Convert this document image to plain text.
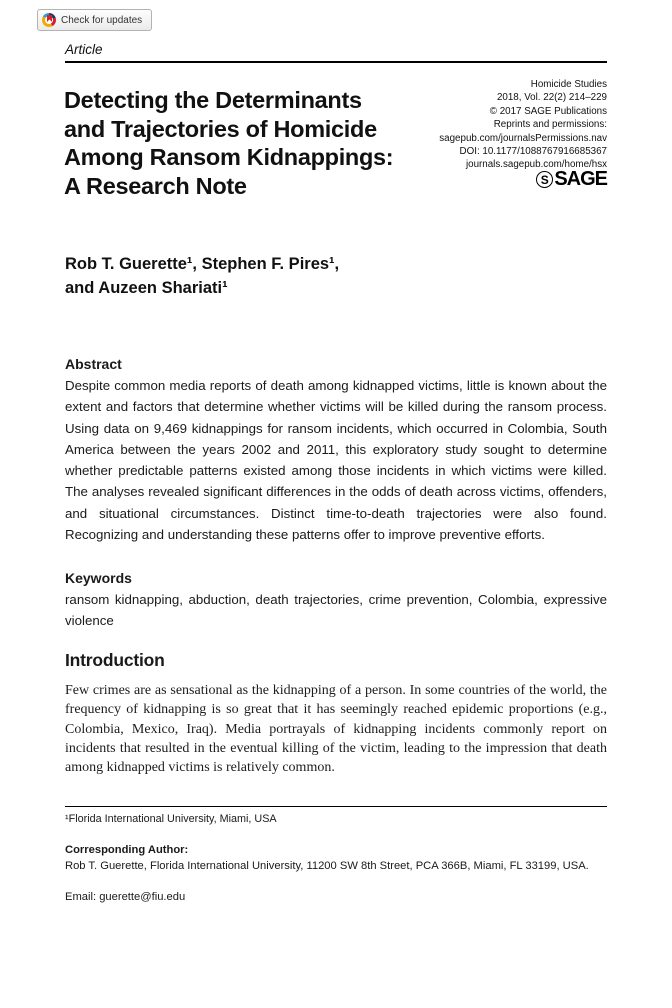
Check for updates
Article
Detecting the Determinants
and Trajectories of Homicide
Among Ransom Kidnappings:
A Research Note
Homicide Studies
2018, Vol. 22(2) 214–229
© 2017 SAGE Publications
Reprints and permissions:
sagepub.com/journalsPermissions.nav
DOI: 10.1177/1088767916685367
journals.sagepub.com/home/hsx
S SAGE
Rob T. Guerette¹, Stephen F. Pires¹,
and Auzeen Shariati¹
Abstract
Despite common media reports of death among kidnapped victims, little is known about the extent and factors that determine whether victims will be killed during the ransom process. Using data on 9,469 kidnappings for ransom incidents, which occurred in Colombia, South America between the years 2002 and 2011, this exploratory study sought to determine whether predictable patterns existed among those incidents in which victims were killed. The analyses revealed significant differences in the odds of death across victims, offenders, and situational circumstances. Distinct time-to-death trajectories were also found. Recognizing and understanding these patterns offer to improve preventive efforts.
Keywords
ransom kidnapping, abduction, death trajectories, crime prevention, Colombia, expressive violence
Introduction
Few crimes are as sensational as the kidnapping of a person. In some countries of the world, the frequency of kidnapping is so great that it has seemingly reached epidemic proportions (e.g., Colombia, Mexico, Iraq). Media portrayals of kidnapping incidents commonly report on incidents that resulted in the eventual killing of the victim, leading to the impression that death among kidnapped victims is relatively common.
¹Florida International University, Miami, USA
Corresponding Author:
Rob T. Guerette, Florida International University, 11200 SW 8th Street, PCA 366B, Miami, FL 33199, USA.
Email: guerette@fiu.edu
